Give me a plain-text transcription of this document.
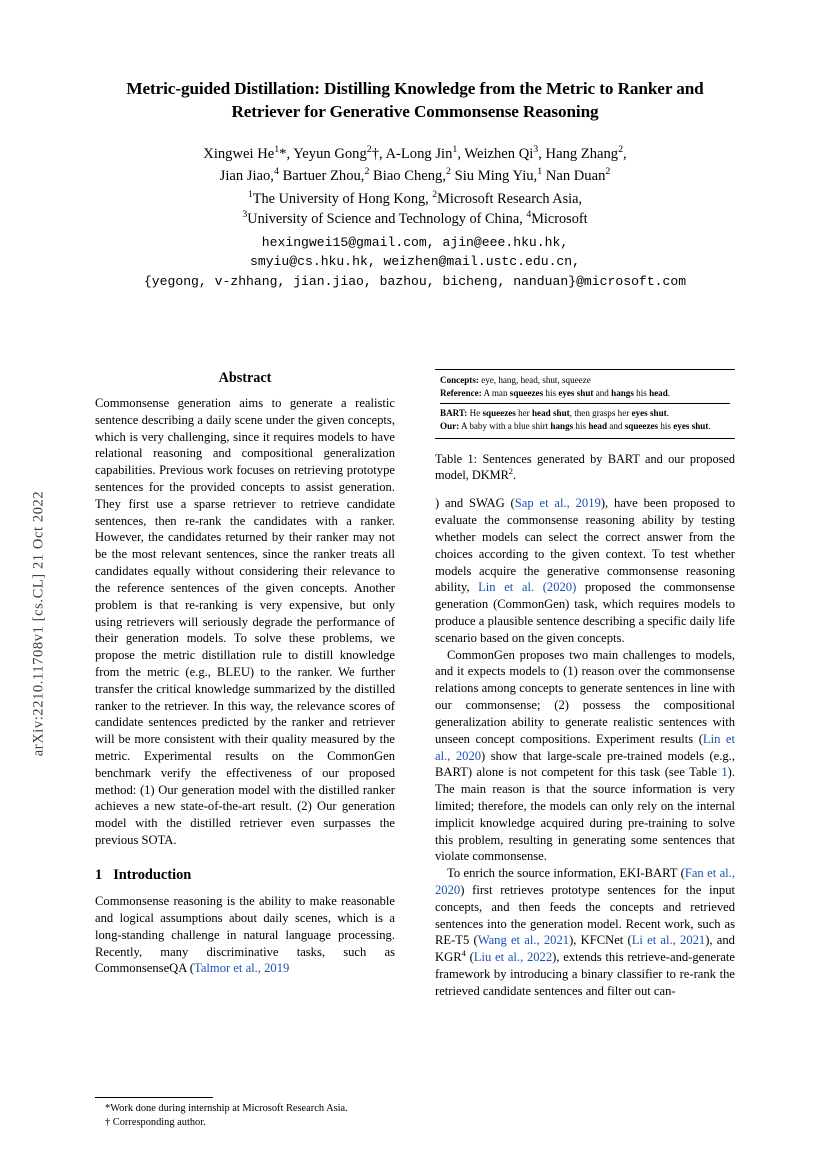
arXiv:2210.11708v1 [cs.CL] 21 Oct 2022
Metric-guided Distillation: Distilling Knowledge from the Metric to Ranker and Retriever for Generative Commonsense Reasoning
Xingwei He$^1$*, Yeyun Gong$^2$†, A-Long Jin$^1$, Weizhen Qi$^3$, Hang Zhang$^2$,
Jian Jiao,$^4$ Bartuer Zhou,$^2$ Biao Cheng,$^2$ Siu Ming Yiu,$^1$ Nan Duan$^2$
$^1$The University of Hong Kong, $^2$Microsoft Research Asia,
$^3$University of Science and Technology of China, $^4$Microsoft
hexingwei15@gmail.com, ajin@eee.hku.hk,
smyiu@cs.hku.hk, weizhen@mail.ustc.edu.cn,
{yegong, v-zhhang, jian.jiao, bazhou, bicheng, nanduan}@microsoft.com
Abstract

Commonsense generation aims to generate a realistic sentence describing a daily scene under the given concepts, which is very challenging, since it requires models to have relational reasoning and compositional generalization capabilities. Previous work focuses on retrieving prototype sentences for the provided concepts to assist generation. They first use a sparse retriever to retrieve candidate sentences, then re-rank the candidates with a ranker. However, the candidates returned by their ranker may not be the most relevant sentences, since the ranker treats all candidates equally without considering their relevance to the reference sentences of the given concepts. Another problem is that re-ranking is very expensive, but only using retrievers will seriously degrade the performance of their generation models. To solve these problems, we propose the metric distillation rule to distill knowledge from the metric (e.g., BLEU) to the ranker. We further transfer the critical knowledge summarized by the distilled ranker to the retriever. In this way, the relevance scores of candidate sentences predicted by the ranker and retriever will be more consistent with their quality measured by the metric. Experimental results on the CommonGen benchmark verify the effectiveness of our proposed method: (1) Our generation model with the distilled ranker achieves a new state-of-the-art result. (2) Our generation model with the distilled retriever even surpasses the previous SOTA.

1 Introduction

Commonsense reasoning is the ability to make reasonable and logical assumptions about daily scenes, which is a long-standing challenge in natural language processing. Recently, many discriminative tasks, such as CommonsenseQA (Talmor et al., 2019

Concepts: eye, hang, head, shut, squeeze
Reference: A man squeezes his eyes shut and hangs his head.
BART: He squeezes her head shut, then grasps her eyes shut.
Our: A baby with a blue shirt hangs his head and squeezes his eyes shut.
Table 1: Sentences generated by BART and our proposed model, DKMR$^2$.

) and SWAG (Sap et al., 2019), have been proposed to evaluate the commonsense reasoning ability by testing whether models can select the correct answer from the choices according to the given context. To test whether models acquire the generative commonsense reasoning ability, Lin et al. (2020) proposed the commonsense generation (CommonGen) task, which requires models to produce a plausible sentence describing a specific daily life scenario based on the given concepts.

CommonGen proposes two main challenges to models, and it expects models to (1) reason over the commonsense relations among concepts to generate sentences in line with our commonsense; (2) possess the compositional generalization ability to generate realistic sentences with unseen concept compositions. Experiment results (Lin et al., 2020) show that large-scale pre-trained models (e.g., BART) alone is not competent for this task (see Table 1). The main reason is that the source information is very limited; therefore, the models can only rely on the internal implicit knowledge acquired during pre-training to solve this problem, resulting in generating some sentences that violate commonsense.

To enrich the source information, EKI-BART (Fan et al., 2020) first retrieves prototype sentences for the input concepts, and then feeds the concepts and retrieved sentences into the generation model. Recent work, such as RE-T5 (Wang et al., 2021), KFCNet (Li et al., 2021), and KGR$^4$ (Liu et al., 2022), extends this retrieve-and-generate framework by introducing a binary classifier to re-rank the retrieved candidate sentences and filter out can-

*Work done during internship at Microsoft Research Asia.
† Corresponding author.
